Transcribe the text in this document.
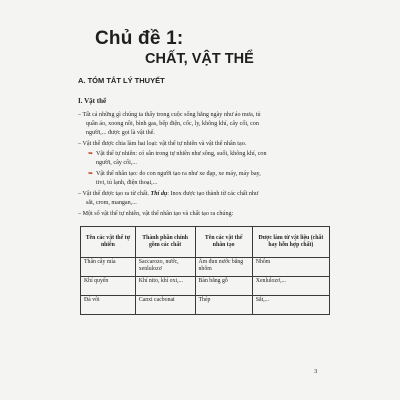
Chủ đề 1:
CHẤT, VẬT THỂ
A. TÓM TẮT LÝ THUYẾT
I. Vật thể
– Tất cả những gì chúng ta thấy trong cuộc sống hằng ngày như áo mưa, tủ
quần áo, xoong nồi, bình gas, bếp điện, cốc, ly, không khí, cây cối, con
người,... được gọi là vật thể.
– Vật thể được chia làm hai loại: vật thể tự nhiên và vật thể nhân tạo.
➥ Vật thể tự nhiên: có sẵn trong tự nhiên như sông, suối, không khí, con
người, cây cối,...
➥ Vật thể nhân tạo: do con người tạo ra như xe đạp, xe máy, máy bay,
tivi, tủ lạnh, điện thoại,...
– Vật thể được tạo ra từ chất. Thí dụ: Inox được tạo thành từ các chất như
sắt, crom, mangan,...
– Một số vật thể tự nhiên, vật thể nhân tạo và chất tạo ra chúng:
Tên các vật thể tự nhiên	Thành phần chính gồm các chất	Tên các vật thể nhân tạo	Được làm từ vật liệu (chất hay hỗn hợp chất)
Thân cây mía	Saccarozo, nước, xenlulozơ	Ấm đun nước bằng nhôm	Nhôm
Khí quyển	Khí nito, khí oxi,...	Bàn bằng gỗ	Xenlulozơ,...
Đá vôi	Canxi cacbonat	Thép	Sắt,...
3
